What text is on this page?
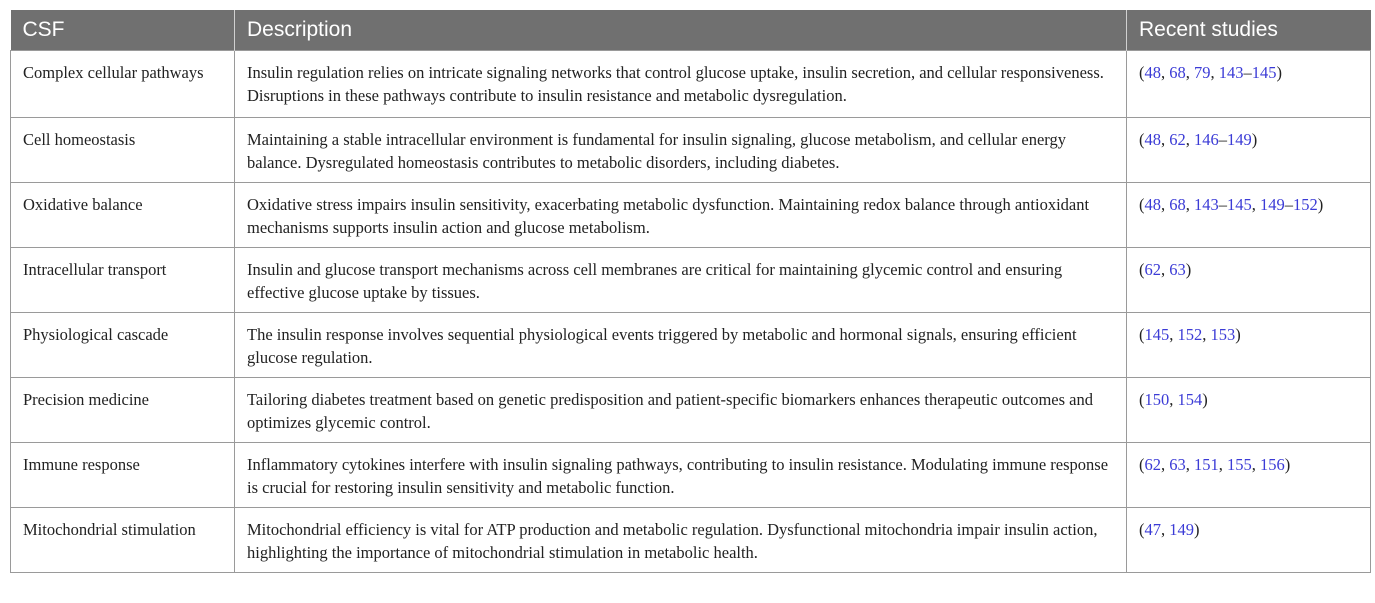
CSF	Description	Recent studies
Complex cellular pathways	Insulin regulation relies on intricate signaling networks that control glucose uptake, insulin secretion, and cellular responsiveness. Disruptions in these pathways contribute to insulin resistance and metabolic dysregulation.	(48, 68, 79, 143–145)
Cell homeostasis	Maintaining a stable intracellular environment is fundamental for insulin signaling, glucose metabolism, and cellular energy balance. Dysregulated homeostasis contributes to metabolic disorders, including diabetes.	(48, 62, 146–149)
Oxidative balance	Oxidative stress impairs insulin sensitivity, exacerbating metabolic dysfunction. Maintaining redox balance through antioxidant mechanisms supports insulin action and glucose metabolism.	(48, 68, 143–145, 149–152)
Intracellular transport	Insulin and glucose transport mechanisms across cell membranes are critical for maintaining glycemic control and ensuring effective glucose uptake by tissues.	(62, 63)
Physiological cascade	The insulin response involves sequential physiological events triggered by metabolic and hormonal signals, ensuring efficient glucose regulation.	(145, 152, 153)
Precision medicine	Tailoring diabetes treatment based on genetic predisposition and patient-specific biomarkers enhances therapeutic outcomes and optimizes glycemic control.	(150, 154)
Immune response	Inflammatory cytokines interfere with insulin signaling pathways, contributing to insulin resistance. Modulating immune response is crucial for restoring insulin sensitivity and metabolic function.	(62, 63, 151, 155, 156)
Mitochondrial stimulation	Mitochondrial efficiency is vital for ATP production and metabolic regulation. Dysfunctional mitochondria impair insulin action, highlighting the importance of mitochondrial stimulation in metabolic health.	(47, 149)
